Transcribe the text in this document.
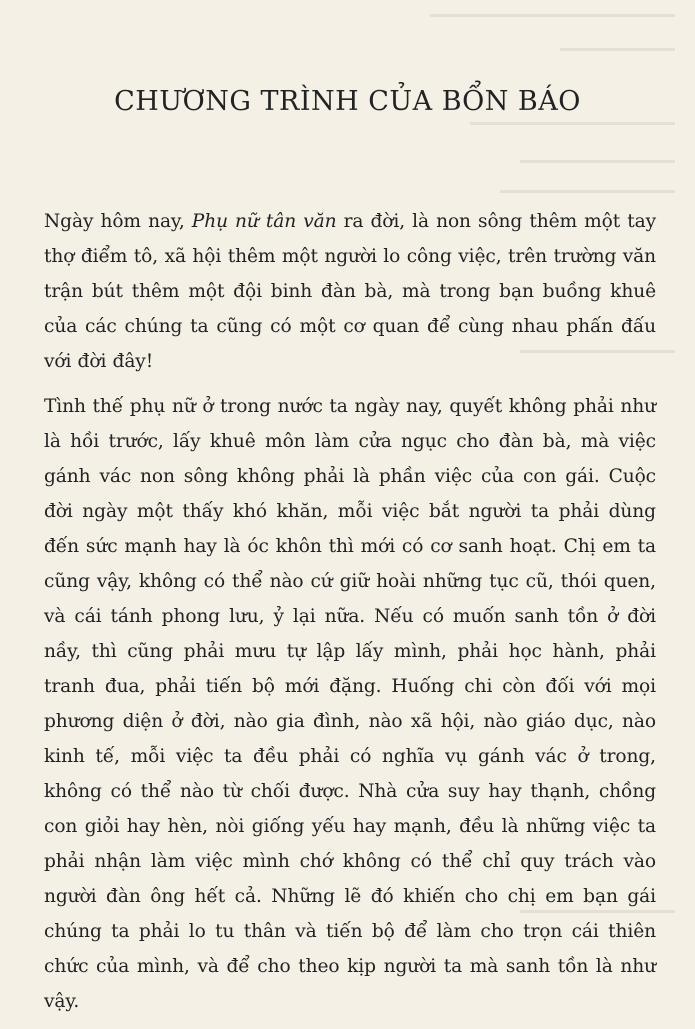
CHƯƠNG TRÌNH CỦA BỔN BÁO

Ngày hôm nay, Phụ nữ tân văn ra đời, là non sông thêm một tay thợ điểm tô, xã hội thêm một người lo công việc, trên trường văn trận bút thêm một đội binh đàn bà, mà trong bạn buồng khuê của các chúng ta cũng có một cơ quan để cùng nhau phấn đấu với đời đây!

Tình thế phụ nữ ở trong nước ta ngày nay, quyết không phải như là hồi trước, lấy khuê môn làm cửa ngục cho đàn bà, mà việc gánh vác non sông không phải là phần việc của con gái. Cuộc đời ngày một thấy khó khăn, mỗi việc bắt người ta phải dùng đến sức mạnh hay là óc khôn thì mới có cơ sanh hoạt. Chị em ta cũng vậy, không có thể nào cứ giữ hoài những tục cũ, thói quen, và cái tánh phong lưu, ỷ lại nữa. Nếu có muốn sanh tồn ở đời nầy, thì cũng phải mưu tự lập lấy mình, phải học hành, phải tranh đua, phải tiến bộ mới đặng. Huống chi còn đối với mọi phương diện ở đời, nào gia đình, nào xã hội, nào giáo dục, nào kinh tế, mỗi việc ta đều phải có nghĩa vụ gánh vác ở trong, không có thể nào từ chối được. Nhà cửa suy hay thạnh, chồng con giỏi hay hèn, nòi giống yếu hay mạnh, đều là những việc ta phải nhận làm việc mình chớ không có thể chỉ quy trách vào người đàn ông hết cả. Những lẽ đó khiến cho chị em bạn gái chúng ta phải lo tu thân và tiến bộ để làm cho trọn cái thiên chức của mình, và để cho theo kịp người ta mà sanh tồn là như vậy.
